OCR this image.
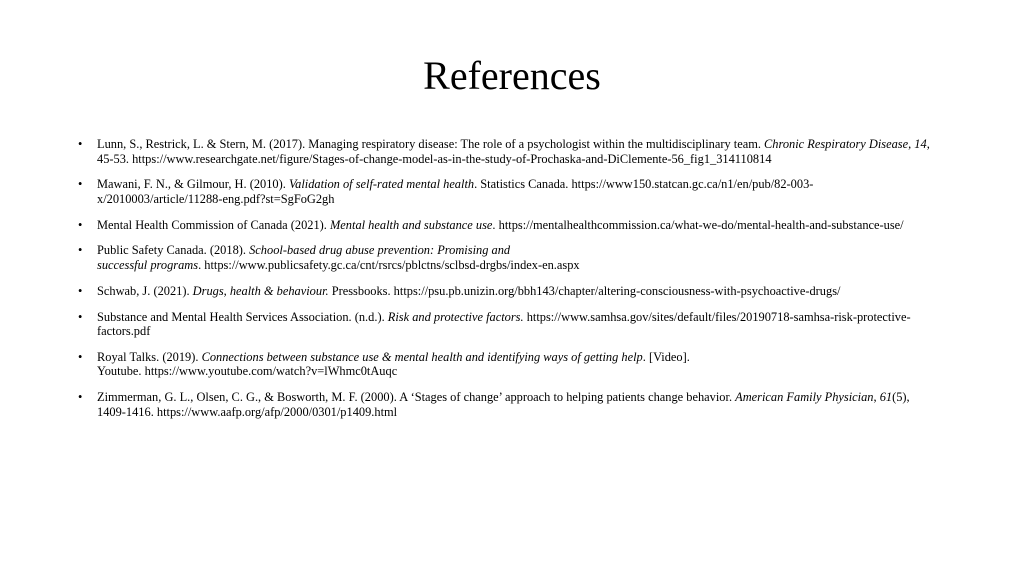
References
• Lunn, S., Restrick, L. & Stern, M. (2017). Managing respiratory disease: The role of a psychologist within the multidisciplinary team. Chronic Respiratory Disease, 14, 45-53. https://www.researchgate.net/figure/Stages-of-change-model-as-in-the-study-of-Prochaska-and-DiClemente-56_fig1_314110814
• Mawani, F. N., & Gilmour, H. (2010). Validation of self-rated mental health. Statistics Canada. https://www150.statcan.gc.ca/n1/en/pub/82-003-x/2010003/article/11288-eng.pdf?st=SgFoG2gh
• Mental Health Commission of Canada (2021). Mental health and substance use. https://mentalhealthcommission.ca/what-we-do/mental-health-and-substance-use/
• Public Safety Canada. (2018). School-based drug abuse prevention: Promising and
successful programs. https://www.publicsafety.gc.ca/cnt/rsrcs/pblctns/sclbsd-drgbs/index-en.aspx
• Schwab, J. (2021). Drugs, health & behaviour. Pressbooks. https://psu.pb.unizin.org/bbh143/chapter/altering-consciousness-with-psychoactive-drugs/
• Substance and Mental Health Services Association. (n.d.). Risk and protective factors. https://www.samhsa.gov/sites/default/files/20190718-samhsa-risk-protective-factors.pdf
• Royal Talks. (2019). Connections between substance use & mental health and identifying ways of getting help. [Video].
Youtube. https://www.youtube.com/watch?v=lWhmc0tAuqc
• Zimmerman, G. L., Olsen, C. G., & Bosworth, M. F. (2000). A ‘Stages of change’ approach to helping patients change behavior. American Family Physician, 61(5), 1409-1416. https://www.aafp.org/afp/2000/0301/p1409.html
